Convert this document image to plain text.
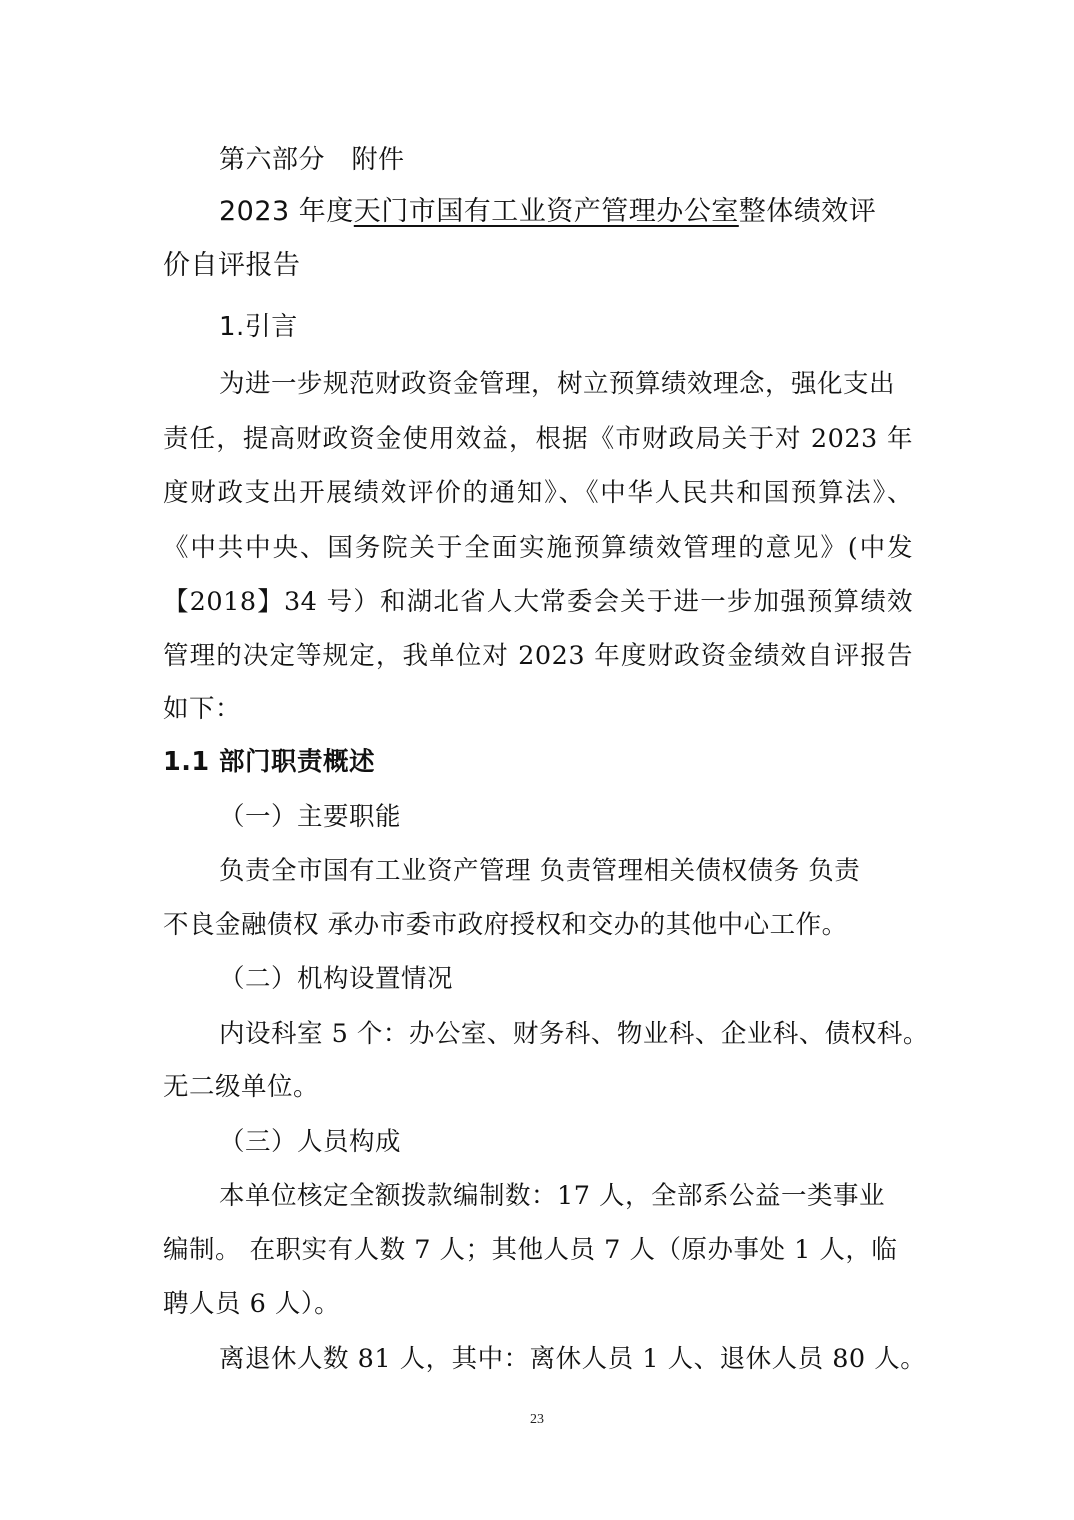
第六部分　附件
2023 年度天门市国有工业资产管理办公室整体绩效评
价自评报告
1.引言
为进一步规范财政资金管理，树立预算绩效理念，强化支出
责任，提高财政资金使用效益，根据《市财政局关于对 2023 年
度财政支出开展绩效评价的通知》、《中华人民共和国预算法》、
《中共中央、国务院关于全面实施预算绩效管理的意见》(中发
【2018】34 号）和湖北省人大常委会关于进一步加强预算绩效
管理的决定等规定，我单位对 2023 年度财政资金绩效自评报告
如下：
1.1 部门职责概述
（一）主要职能
负责全市国有工业资产管理 负责管理相关债权债务 负责
不良金融债权 承办市委市政府授权和交办的其他中心工作。
（二）机构设置情况
内设科室 5 个：办公室、财务科、物业科、企业科、债权科。
无二级单位。
（三）人员构成
本单位核定全额拨款编制数：17 人，全部系公益一类事业
编制。 在职实有人数 7 人；其他人员 7 人（原办事处 1 人，临
聘人员 6 人）。
离退休人数 81 人，其中：离休人员 1 人、退休人员 80 人。
23
